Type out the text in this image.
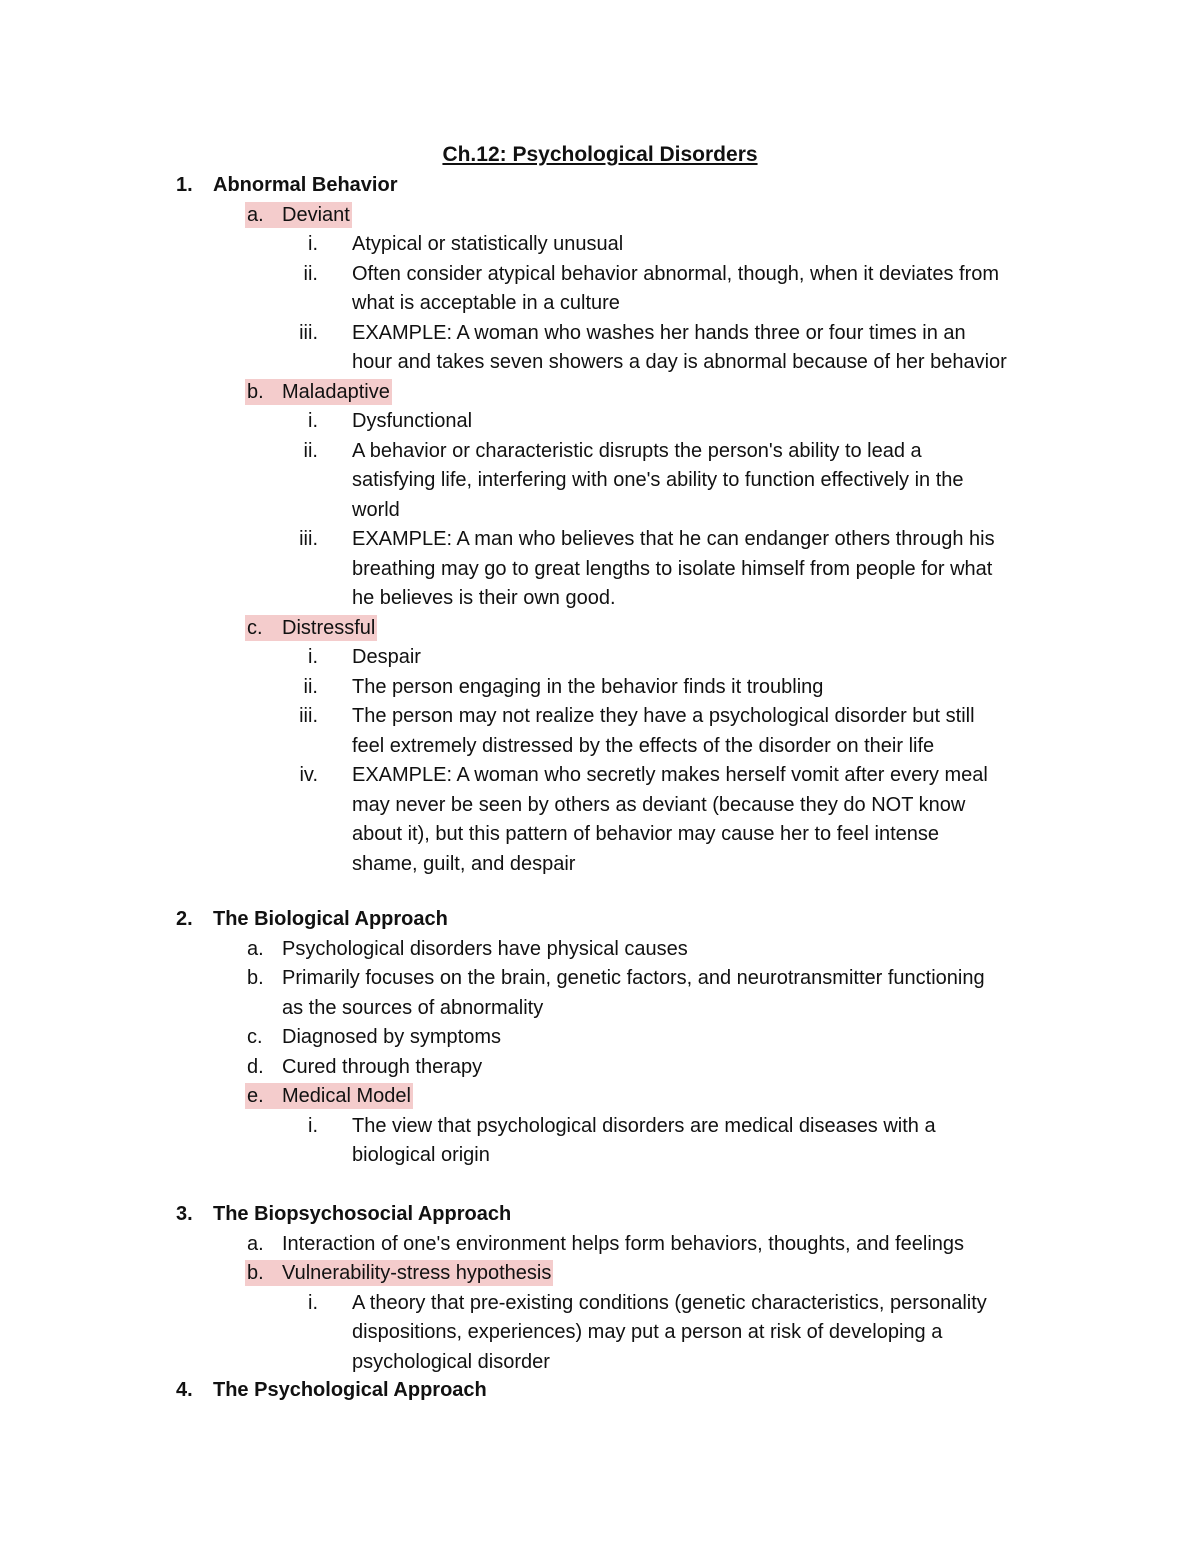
Ch.12: Psychological Disorders
1. Abnormal Behavior
a. Deviant
i. Atypical or statistically unusual
ii. Often consider atypical behavior abnormal, though, when it deviates from
what is acceptable in a culture
iii. EXAMPLE: A woman who washes her hands three or four times in an
hour and takes seven showers a day is abnormal because of her behavior
b. Maladaptive
i. Dysfunctional
ii. A behavior or characteristic disrupts the person's ability to lead a
satisfying life, interfering with one's ability to function effectively in the
world
iii. EXAMPLE: A man who believes that he can endanger others through his
breathing may go to great lengths to isolate himself from people for what
he believes is their own good.
c. Distressful
i. Despair
ii. The person engaging in the behavior finds it troubling
iii. The person may not realize they have a psychological disorder but still
feel extremely distressed by the effects of the disorder on their life
iv. EXAMPLE: A woman who secretly makes herself vomit after every meal
may never be seen by others as deviant (because they do NOT know
about it), but this pattern of behavior may cause her to feel intense
shame, guilt, and despair
2. The Biological Approach
a. Psychological disorders have physical causes
b. Primarily focuses on the brain, genetic factors, and neurotransmitter functioning
as the sources of abnormality
c. Diagnosed by symptoms
d. Cured through therapy
e. Medical Model
i. The view that psychological disorders are medical diseases with a
biological origin
3. The Biopsychosocial Approach
a. Interaction of one's environment helps form behaviors, thoughts, and feelings
b. Vulnerability-stress hypothesis
i. A theory that pre-existing conditions (genetic characteristics, personality
dispositions, experiences) may put a person at risk of developing a
psychological disorder
4. The Psychological Approach
